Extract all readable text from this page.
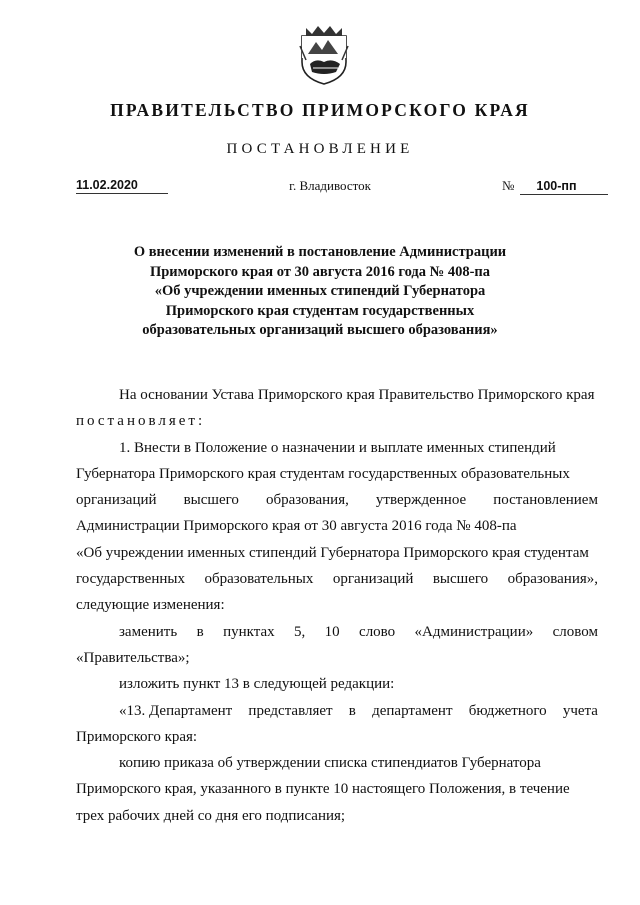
ПРАВИТЕЛЬСТВО ПРИМОРСКОГО КРАЯ
ПОСТАНОВЛЕНИЕ
11.02.2020	г. Владивосток	№ 100-пп
О внесении изменений в постановление Администрации
Приморского края от 30 августа 2016 года № 408-па
«Об учреждении именных стипендий Губернатора
Приморского края студентам государственных
образовательных организаций высшего образования»
На основании Устава Приморского края Правительство Приморского края
постановляет:
1. Внести в Положение о назначении и выплате именных стипендий
Губернатора Приморского края студентам государственных образовательных
организаций высшего образования, утвержденное постановлением
Администрации Приморского края от 30 августа 2016 года № 408-па
«Об учреждении именных стипендий Губернатора Приморского края студентам
государственных образовательных организаций высшего образования»,
следующие изменения:
заменить в пунктах 5, 10 слово «Администрации» словом
«Правительства»;
изложить пункт 13 в следующей редакции:
«13. Департамент представляет в департамент бюджетного учета
Приморского края:
копию приказа об утверждении списка стипендиатов Губернатора
Приморского края, указанного в пункте 10 настоящего Положения, в течение
трех рабочих дней со дня его подписания;
